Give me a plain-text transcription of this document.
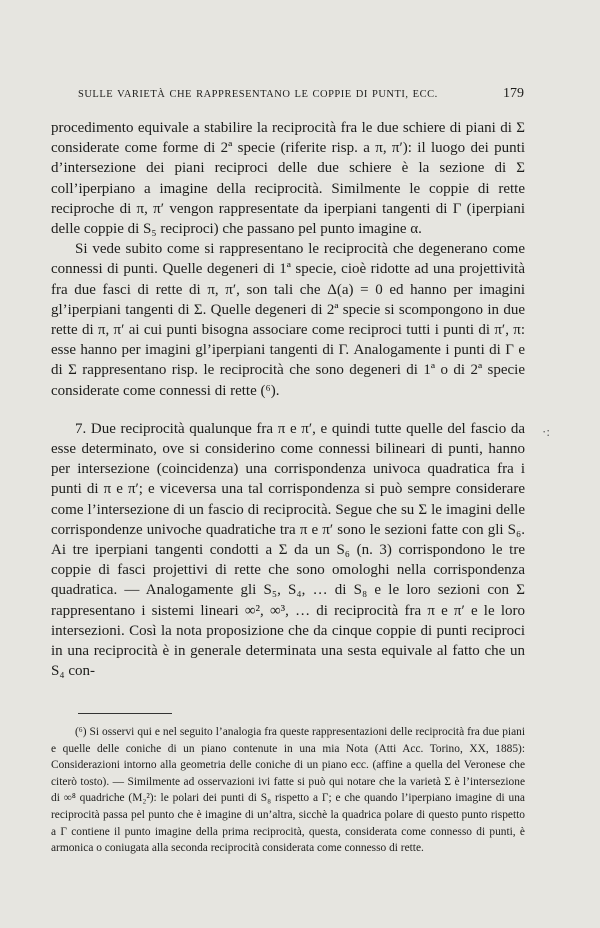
SULLE VARIETÀ CHE RAPPRESENTANO LE COPPIE DI PUNTI, ECC.	179

procedimento equivale a stabilire la reciprocità fra le due schiere di piani di Σ considerate come forme di 2ª specie (riferite risp. a π, π′): il luogo dei punti d’intersezione dei piani reciproci delle due schiere è la sezione di Σ coll’iperpiano a imagine della reciprocità. Similmente le coppie di rette reciproche di π, π′ vengon rappresentate da iperpiani tangenti di Γ (iperpiani delle coppie di S₅ reciproci) che passano pel punto imagine α.

Si vede subito come si rappresentano le reciprocità che degenerano come connessi di punti. Quelle degeneri di 1ª specie, cioè ridotte ad una projettività fra due fasci di rette di π, π′, son tali che Δ(a) = 0 ed hanno per imagini gl’iperpiani tangenti di Σ. Quelle degeneri di 2ª specie si scompongono in due rette di π, π′ ai cui punti bisogna associare come reciproci tutti i punti di π′, π: esse hanno per imagini gl’iperpiani tangenti di Γ. Analogamente i punti di Γ e di Σ rappresentano risp. le reciprocità che sono degeneri di 1ª o di 2ª specie considerate come connessi di rette (⁶).

7. Due reciprocità qualunque fra π e π′, e quindi tutte quelle del fascio da esse determinato, ove si considerino come connessi bilineari di punti, hanno per intersezione (coincidenza) una corrispondenza univoca quadratica fra i punti di π e π′; e viceversa una tal corrispondenza si può sempre considerare come l’intersezione di un fascio di reciprocità. Segue che su Σ le imagini delle corrispondenze univoche quadratiche tra π e π′ sono le sezioni fatte con gli S₆. Ai tre iperpiani tangenti condotti a Σ da un S₆ (n. 3) corrispondono le tre coppie di fasci projettivi di rette che sono omologhi nella corrispondenza quadratica. — Analogamente gli S₅, S₄, … di S₈ e le loro sezioni con Σ rappresentano i sistemi lineari ∞², ∞³, … di reciprocità fra π e π′ e le loro intersezioni. Così la nota proposizione che da cinque coppie di punti reciproci in una reciprocità è in generale determinata una sesta equivale al fatto che un S₄ con-

·:
(⁶) Si osservi qui e nel seguito l’analogia fra queste rappresentazioni delle reciprocità fra due piani e quelle delle coniche di un piano contenute in una mia Nota (Atti Acc. Torino, XX, 1885): Considerazioni intorno alla geometria delle coniche di un piano ecc. (affine a quella del Veronese che citerò tosto). — Similmente ad osservazioni ivi fatte si può qui notare che la varietà Σ è l’intersezione di ∞⁸ quadriche (M₂²): le polari dei punti di S₈ rispetto a Γ; e che quando l’iperpiano imagine di una reciprocità passa pel punto che è imagine di un’altra, sicchè la quadrica polare di questo punto rispetto a Γ contiene il punto imagine della prima reciprocità, questa, considerata come connesso di punti, è armonica o coniugata alla seconda reciprocità considerata come connesso di rette.
